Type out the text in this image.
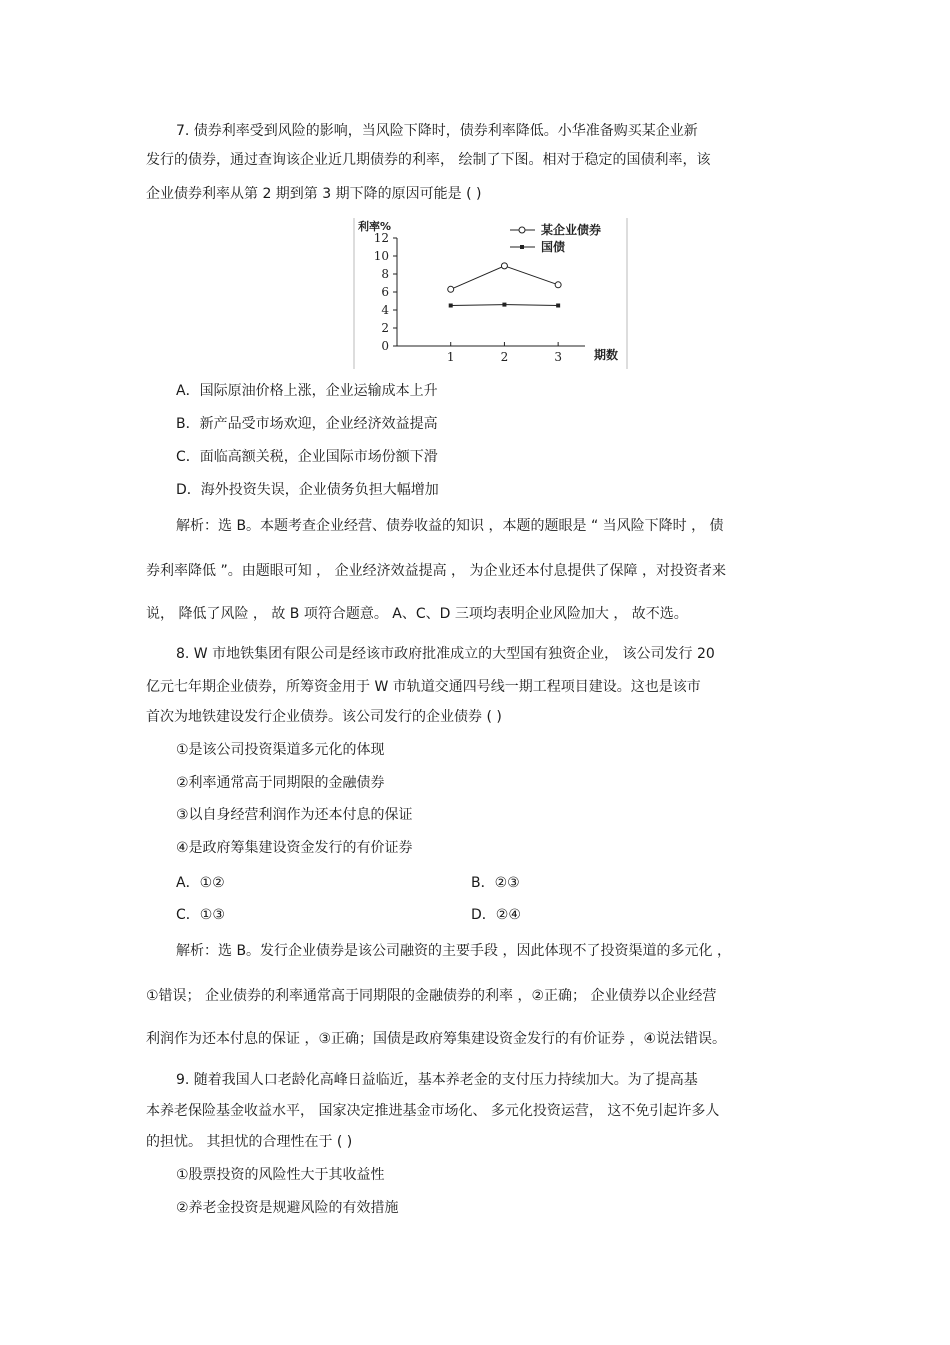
7. 债券利率受到风险的影响，当风险下降时，债券利率降低。小华准备购买某企业新
发行的债券，通过查询该企业近几期债券的利率， 绘制了下图。相对于稳定的国债利率，该
企业债券利率从第 2 期到第 3 期下降的原因可能是 ( )
利率%
0
2
4
6
8
10
12
1	2	3	期数
某企业债券
国债
A．国际原油价格上涨，企业运输成本上升
B．新产品受市场欢迎，企业经济效益提高
C．面临高额关税，企业国际市场份额下滑
D．海外投资失误，企业债务负担大幅增加
解析：选 B。本题考查企业经营、债券收益的知识 ，本题的题眼是 “ 当风险下降时 ， 债
券利率降低 ”。由题眼可知 ， 企业经济效益提高 ， 为企业还本付息提供了保障 ，对投资者来
说， 降低了风险 ， 故 B 项符合题意。 A、C、D 三项均表明企业风险加大 ， 故不选。
8. W 市地铁集团有限公司是经该市政府批准成立的大型国有独资企业， 该公司发行 20
亿元七年期企业债券，所筹资金用于 W 市轨道交通四号线一期工程项目建设。这也是该市
首次为地铁建设发行企业债券。该公司发行的企业债券 ( )
①是该公司投资渠道多元化的体现
②利率通常高于同期限的金融债券
③以自身经营利润作为还本付息的保证
④是政府筹集建设资金发行的有价证券
A．①②	B．②③
C．①③	D．②④
解析：选 B。发行企业债券是该公司融资的主要手段 ，因此体现不了投资渠道的多元化 ，
①错误； 企业债券的利率通常高于同期限的金融债券的利率 ，②正确； 企业债券以企业经营
利润作为还本付息的保证 ，③正确；国债是政府筹集建设资金发行的有价证券 ，④说法错误。
9. 随着我国人口老龄化高峰日益临近，基本养老金的支付压力持续加大。为了提高基
本养老保险基金收益水平， 国家决定推进基金市场化、 多元化投资运营， 这不免引起许多人
的担忧。 其担忧的合理性在于 ( )
①股票投资的风险性大于其收益性
②养老金投资是规避风险的有效措施
